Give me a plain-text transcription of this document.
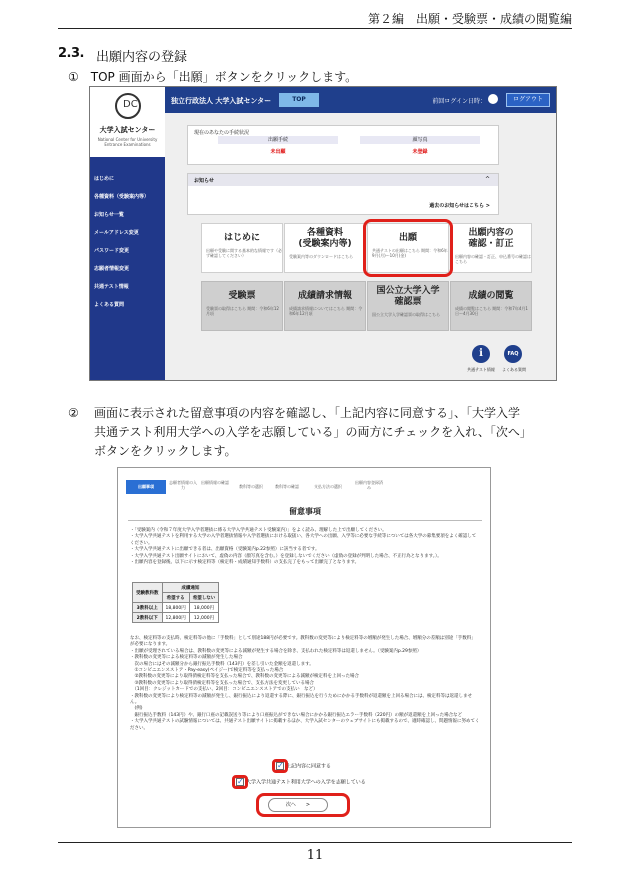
第２編　出願・受験票・成績の閲覧編
2.3. 出願内容の登録
①　TOP 画面から「出願」ボタンをクリックします。
DC
大学入試センター
National Center for University Entrance Examinations
はじめに
各種資料（受験案内等）
お知らせ一覧
メールアドレス変更
パスワード変更
志願者情報変更
共通テスト情報
よくある質問
独立行政法人 大学入試センター	TOP	前回ログイン日時：	ログアウト
現在のあなたの手続状況
出願手続	顔写真
未出願	未登録
お知らせ	^
過去のお知らせはこちら >
はじめに
出願や受験に関する基本的な情報です（必ず確認してください）
各種資料
(受験案内等)
受験案内等のダウンロードはこちら
出願
共通テストの出願はこちら 期間：令和6年9月(月)〜10月(金)
出願内容の
確認・訂正
出願内容の確認・訂正、申込番号の確認はこちら
受験票
受験票の取得はこちら 期間：令和6年12月頃
成績請求情報
成績請求情報についてはこちら 期間：令和6年12月頃
国公立大学入学
確認票
国公立大学入学確認票の取得はこちら
成績の閲覧
成績の閲覧はこちら 期間：令和7年4月1日〜4月30日
i	FAQ
共通テスト情報	よくある質問
② 画面に表示された留意事項の内容を確認し、「上記内容に同意する」、「大学入学
共通テスト利用大学への入学を志願している」の両方にチェックを入れ、「次へ」
ボタンをクリックします。
出願事項
志願者情報の入力
出願情報の確認
教科等の選択	教科等の確認	支払方法の選択
出願内容登録済み
留意事項
・「受験案内（令和７年度大学入学者選抜に係る大学入学共通テスト受験案内）」をよく読み、理解した上で出願してください。
・大学入学共通テストを利用する大学の入学者選抜情報や入学者選抜における取扱い、各大学への出願、入学等に必要な手続等については各大学の募集要項をよく確認してください。
・大学入学共通テストに出願できる者は、出願資格（受験案内p.22参照）に該当する者です。
・大学入学共通テスト出願サイトにおいて、虚偽の内容（顔写真を含む。）を登録しないでください（虚偽の登録が判明した場合、不正行為となります。）。
・出願内容を登録後、以下に示す検定料等（検定料・成績通知手数料）の支払完了をもって出願完了となります。
受験教科数	成績通知	
	希望する	希望しない
3教科以上	18,800円	18,000円
2教科以下	12,800円	12,000円
なお、検定料等の支払時、検定料等の他に「手数料」として別途188円が必要です。教科数の変更等により検定料等の増額が発生した場合、増額分の差額は別途「手数料」が必要になります。
・出願が受理されている場合は、教科数の変更等による減額が発生する場合を除き、支払われた検定料等は返還しません。（受験案内p.29参照）
・教科数の変更等による検定料等の減額が発生した場合
　次の場合にはその減額分から銀行振込手数料（143円）を差し引いた金額を返還します。
　①コンビニエンスストア・Pay-easy(ペイジー)で検定料等を支払った場合
　②教科数の変更等により取得済検定料等を支払った場合で、教科数の変更等による減額が検定料を上回った場合
　③教科数の変更等により取得済検定料等を支払った場合で、支払方法を変更している場合
　（1回目：クレジットカードでの支払い、2回目：コンビニエンスストアでの支払い　など）
・教科数の変更等により検定料等の減額が発生し、銀行振込により返還する際に、銀行振込を行うためにかかる手数料が返還額を上回る場合には、検定料等は返還しません。
　(例)
　銀行振込手数料（143円）や、銀行口座の記載誤送り等により口座振込ができない場合にかかる銀行振込エラー手数料（220円）の額が返還額を上回った場合など
・大学入学共通テストの試験情報については、共通テスト出願サイトに掲載するほか、大学入試センターのウェブサイトにも掲載するので、適時確認し、問題情報に努めてください。
✓上記内容に同意する
✓大学入学共通テスト利用大学への入学を志願している
次へ　　>
11
